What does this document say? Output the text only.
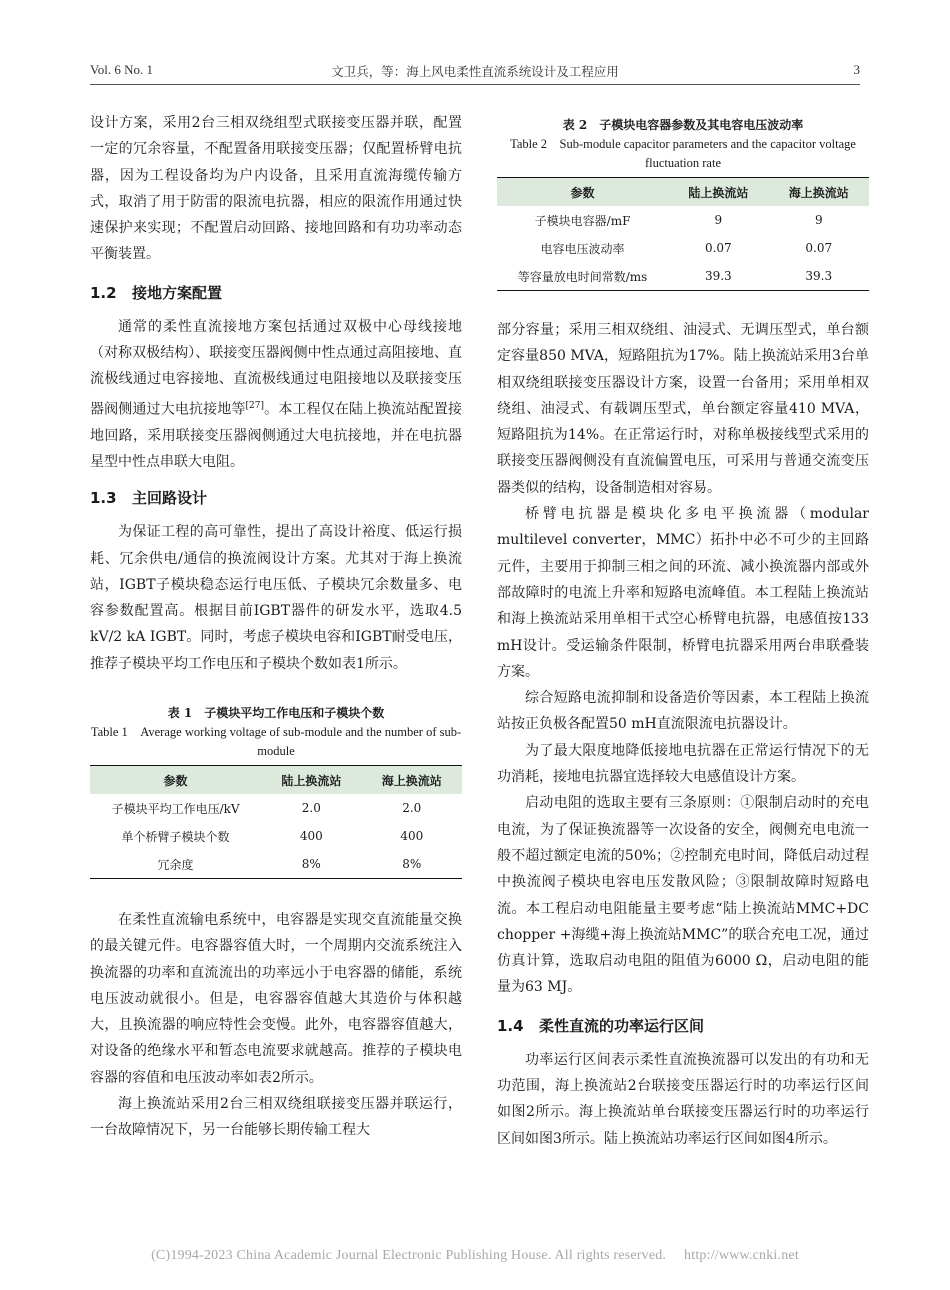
Vol. 6 No. 1	文卫兵，等：海上风电柔性直流系统设计及工程应用	3

设计方案，采用2台三相双绕组型式联接变压器并联，配置一定的冗余容量，不配置备用联接变压器；仅配置桥臂电抗器，因为工程设备均为户内设备，且采用直流海缆传输方式，取消了用于防雷的限流电抗器，相应的限流作用通过快速保护来实现；不配置启动回路、接地回路和有功功率动态平衡装置。

1.2 接地方案配置

通常的柔性直流接地方案包括通过双极中心母线接地（对称双极结构）、联接变压器阀侧中性点通过高阻接地、直流极线通过电容接地、直流极线通过电阻接地以及联接变压器阀侧通过大电抗接地等[27]。本工程仅在陆上换流站配置接地回路，采用联接变压器阀侧通过大电抗接地，并在电抗器星型中性点串联大电阻。

1.3 主回路设计

为保证工程的高可靠性，提出了高设计裕度、低运行损耗、冗余供电/通信的换流阀设计方案。尤其对于海上换流站，IGBT子模块稳态运行电压低、子模块冗余数量多、电容参数配置高。根据目前IGBT器件的研发水平，选取4.5 kV/2 kA IGBT。同时，考虑子模块电容和IGBT耐受电压，推荐子模块平均工作电压和子模块个数如表1所示。

表 1　子模块平均工作电压和子模块个数

Table 1　Average working voltage of sub-module and the number of sub-module

参数	陆上换流站	海上换流站
子模块平均工作电压/kV	2.0	2.0
单个桥臂子模块个数	400	400
冗余度	8%	8%

在柔性直流输电系统中，电容器是实现交直流能量交换的最关键元件。电容器容值大时，一个周期内交流系统注入换流器的功率和直流流出的功率远小于电容器的储能，系统电压波动就很小。但是，电容器容值越大其造价与体积越大，且换流器的响应特性会变慢。此外，电容器容值越大，对设备的绝缘水平和暂态电流要求就越高。推荐的子模块电容器的容值和电压波动率如表2所示。

海上换流站采用2台三相双绕组联接变压器并联运行，一台故障情况下，另一台能够长期传输工程大

表 2　子模块电容器参数及其电容电压波动率

Table 2　Sub-module capacitor parameters and the capacitor voltage fluctuation rate

参数	陆上换流站	海上换流站
子模块电容器/mF	9	9
电容电压波动率	0.07	0.07
等容量放电时间常数/ms	39.3	39.3

部分容量；采用三相双绕组、油浸式、无调压型式，单台额定容量850 MVA，短路阻抗为17%。陆上换流站采用3台单相双绕组联接变压器设计方案，设置一台备用；采用单相双绕组、油浸式、有载调压型式，单台额定容量410 MVA，短路阻抗为14%。在正常运行时，对称单极接线型式采用的联接变压器阀侧没有直流偏置电压，可采用与普通交流变压器类似的结构，设备制造相对容易。

桥臂电抗器是模块化多电平换流器（modular multilevel converter，MMC）拓扑中必不可少的主回路元件，主要用于抑制三相之间的环流、减小换流器内部或外部故障时的电流上升率和短路电流峰值。本工程陆上换流站和海上换流站采用单相干式空心桥臂电抗器，电感值按133 mH设计。受运输条件限制，桥臂电抗器采用两台串联叠装方案。

综合短路电流抑制和设备造价等因素，本工程陆上换流站按正负极各配置50 mH直流限流电抗器设计。

为了最大限度地降低接地电抗器在正常运行情况下的无功消耗，接地电抗器宜选择较大电感值设计方案。

启动电阻的选取主要有三条原则：①限制启动时的充电电流，为了保证换流器等一次设备的安全，阀侧充电电流一般不超过额定电流的50%；②控制充电时间，降低启动过程中换流阀子模块电容电压发散风险；③限制故障时短路电流。本工程启动电阻能量主要考虑“陆上换流站MMC+DC chopper +海缆+海上换流站MMC”的联合充电工况，通过仿真计算，选取启动电阻的阻值为6000 Ω，启动电阻的能量为63 MJ。

1.4 柔性直流的功率运行区间

功率运行区间表示柔性直流换流器可以发出的有功和无功范围，海上换流站2台联接变压器运行时的功率运行区间如图2所示。海上换流站单台联接变压器运行时的功率运行区间如图3所示。陆上换流站功率运行区间如图4所示。

(C)1994-2023 China Academic Journal Electronic Publishing House. All rights reserved.　 http://www.cnki.net
